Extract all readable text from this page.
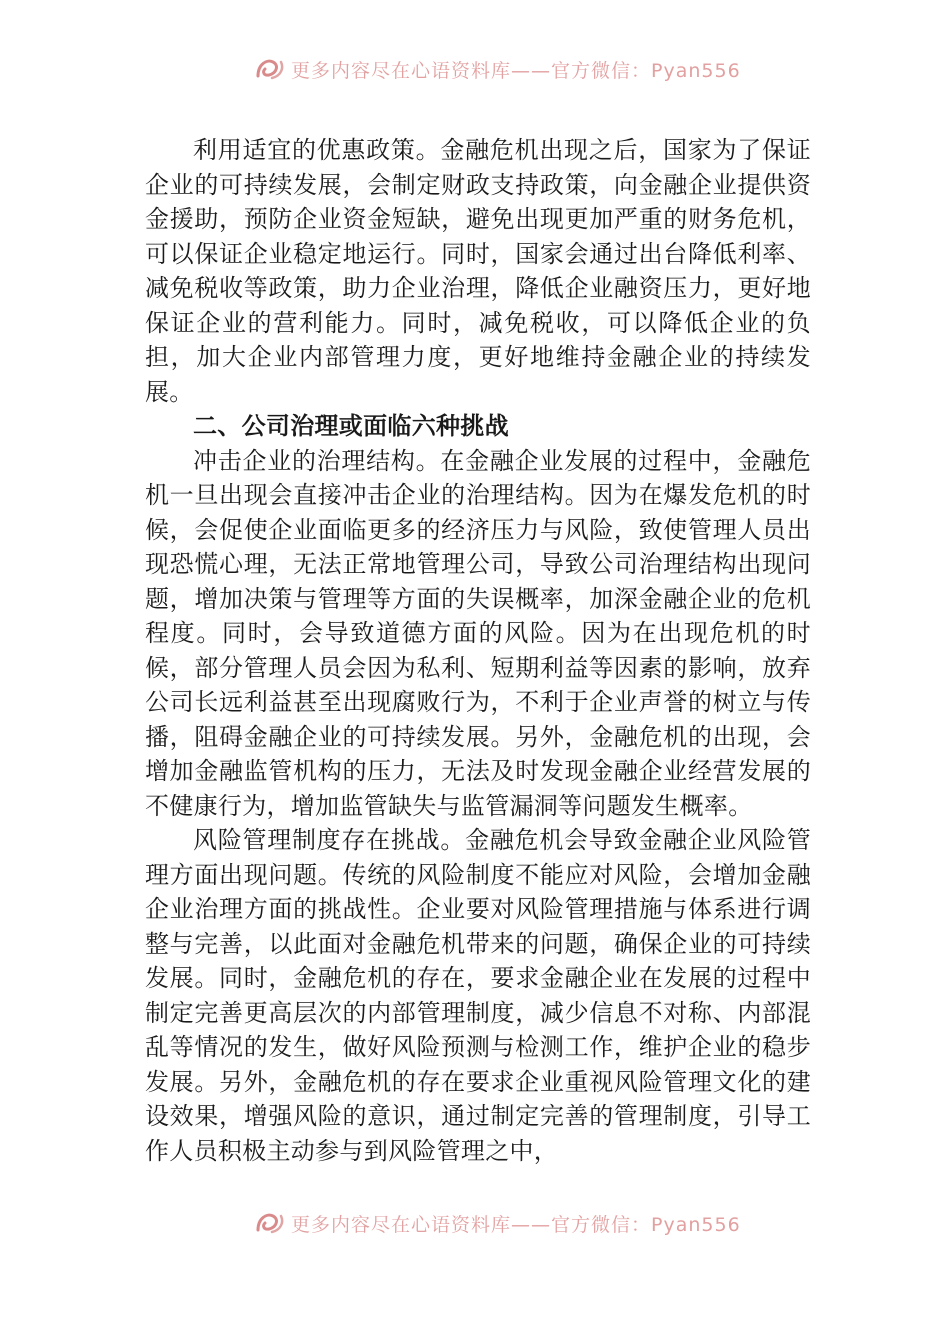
更多内容尽在心语资料库——官方微信：Pyan556

利用适宜的优惠政策。金融危机出现之后，国家为了保证企业的可持续发展，会制定财政支持政策，向金融企业提供资金援助，预防企业资金短缺，避免出现更加严重的财务危机，可以保证企业稳定地运行。同时，国家会通过出台降低利率、减免税收等政策，助力企业治理，降低企业融资压力，更好地保证企业的营利能力。同时，减免税收，可以降低企业的负担，加大企业内部管理力度，更好地维持金融企业的持续发展。

二、公司治理或面临六种挑战

冲击企业的治理结构。在金融企业发展的过程中，金融危机一旦出现会直接冲击企业的治理结构。因为在爆发危机的时候，会促使企业面临更多的经济压力与风险，致使管理人员出现恐慌心理，无法正常地管理公司，导致公司治理结构出现问题，增加决策与管理等方面的失误概率，加深金融企业的危机程度。同时，会导致道德方面的风险。因为在出现危机的时候，部分管理人员会因为私利、短期利益等因素的影响，放弃公司长远利益甚至出现腐败行为，不利于企业声誉的树立与传播，阻碍金融企业的可持续发展。另外，金融危机的出现，会增加金融监管机构的压力，无法及时发现金融企业经营发展的不健康行为，增加监管缺失与监管漏洞等问题发生概率。

风险管理制度存在挑战。金融危机会导致金融企业风险管理方面出现问题。传统的风险制度不能应对风险，会增加金融企业治理方面的挑战性。企业要对风险管理措施与体系进行调整与完善，以此面对金融危机带来的问题，确保企业的可持续发展。同时，金融危机的存在，要求金融企业在发展的过程中制定完善更高层次的内部管理制度，减少信息不对称、内部混乱等情况的发生，做好风险预测与检测工作，维护企业的稳步发展。另外，金融危机的存在要求企业重视风险管理文化的建设效果，增强风险的意识，通过制定完善的管理制度，引导工作人员积极主动参与到风险管理之中，

更多内容尽在心语资料库——官方微信：Pyan556
